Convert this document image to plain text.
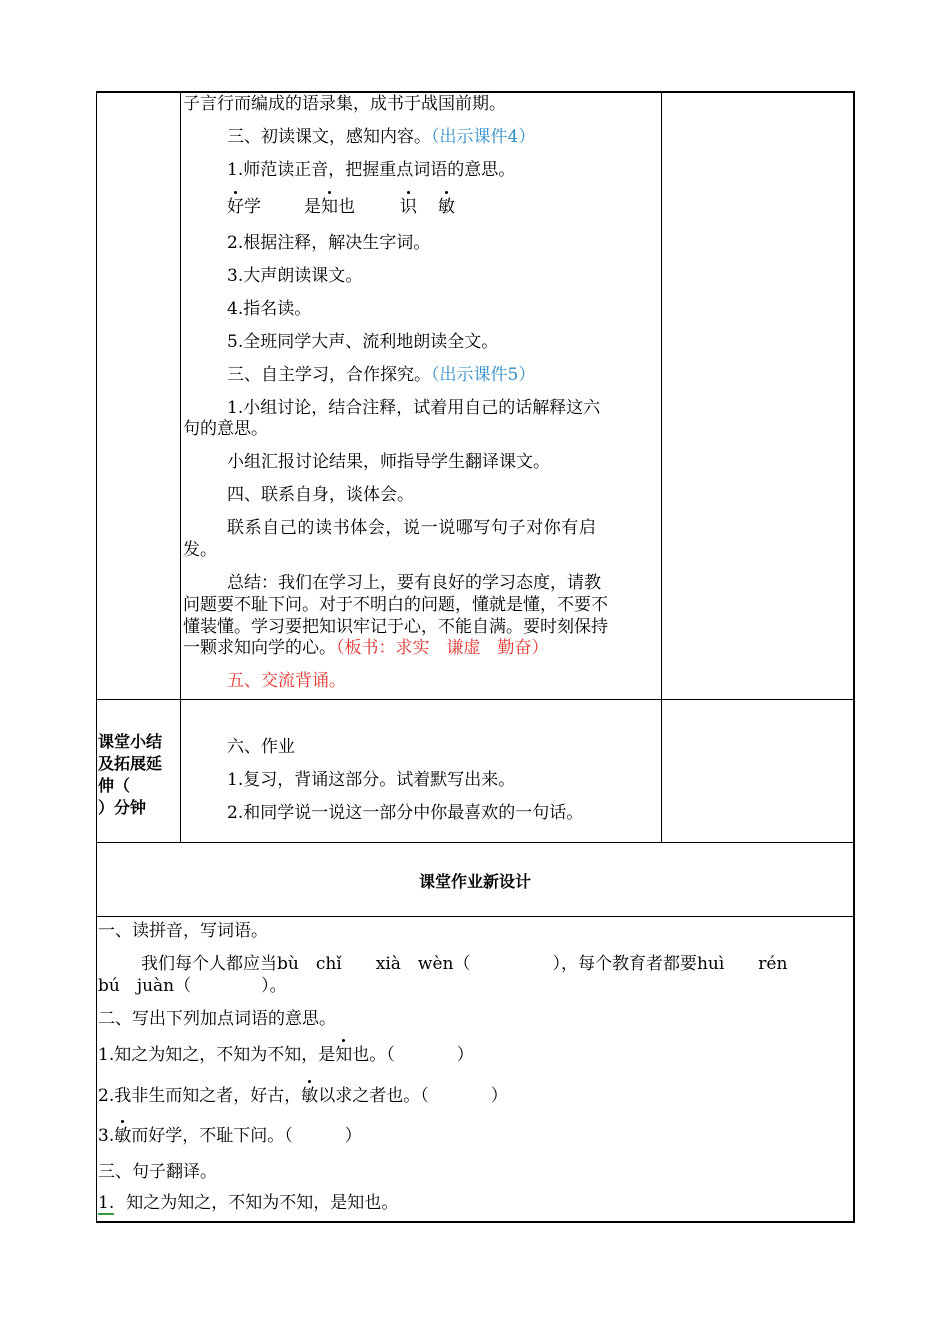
子言行而编成的语录集，成书于战国前期。
三、初读课文，感知内容。（出示课件4）
1.师范读正音，把握重点词语的意思。
好学	是知也	识 敏
2.根据注释，解决生字词。
3.大声朗读课文。
4.指名读。
5.全班同学大声、流利地朗读全文。
三、自主学习，合作探究。（出示课件5）
1.小组讨论，结合注释，试着用自己的话解释这六
句的意思。
小组汇报讨论结果，师指导学生翻译课文。
四、联系自身，谈体会。
联系自己的读书体会，说一说哪写句子对你有启
发。
总结：我们在学习上，要有良好的学习态度，请教
问题要不耻下问。对于不明白的问题，懂就是懂，不要不
懂装懂。学习要把知识牢记于心，不能自满。要时刻保持
一颗求知向学的心。（板书：求实　谦虚　勤奋）
五、交流背诵。
课堂小结
及拓展延
伸（
）分钟
六、作业
1.复习，背诵这部分。试着默写出来。
2.和同学说一说这一部分中你最喜欢的一句话。
课堂作业新设计
一、读拼音，写词语。
我们每个人都应当bù　chǐ　　xià　wèn（	），每个教育者都要huì　　rén
bú　juàn（	）。
二、写出下列加点词语的意思。
1.知之为知之，不知为不知，是知也。（	）
2.我非生而知之者，好古，敏以求之者也。（	）
3.敏而好学，不耻下问。（	）
三、句子翻译。
1. 知之为知之，不知为不知，是知也。
